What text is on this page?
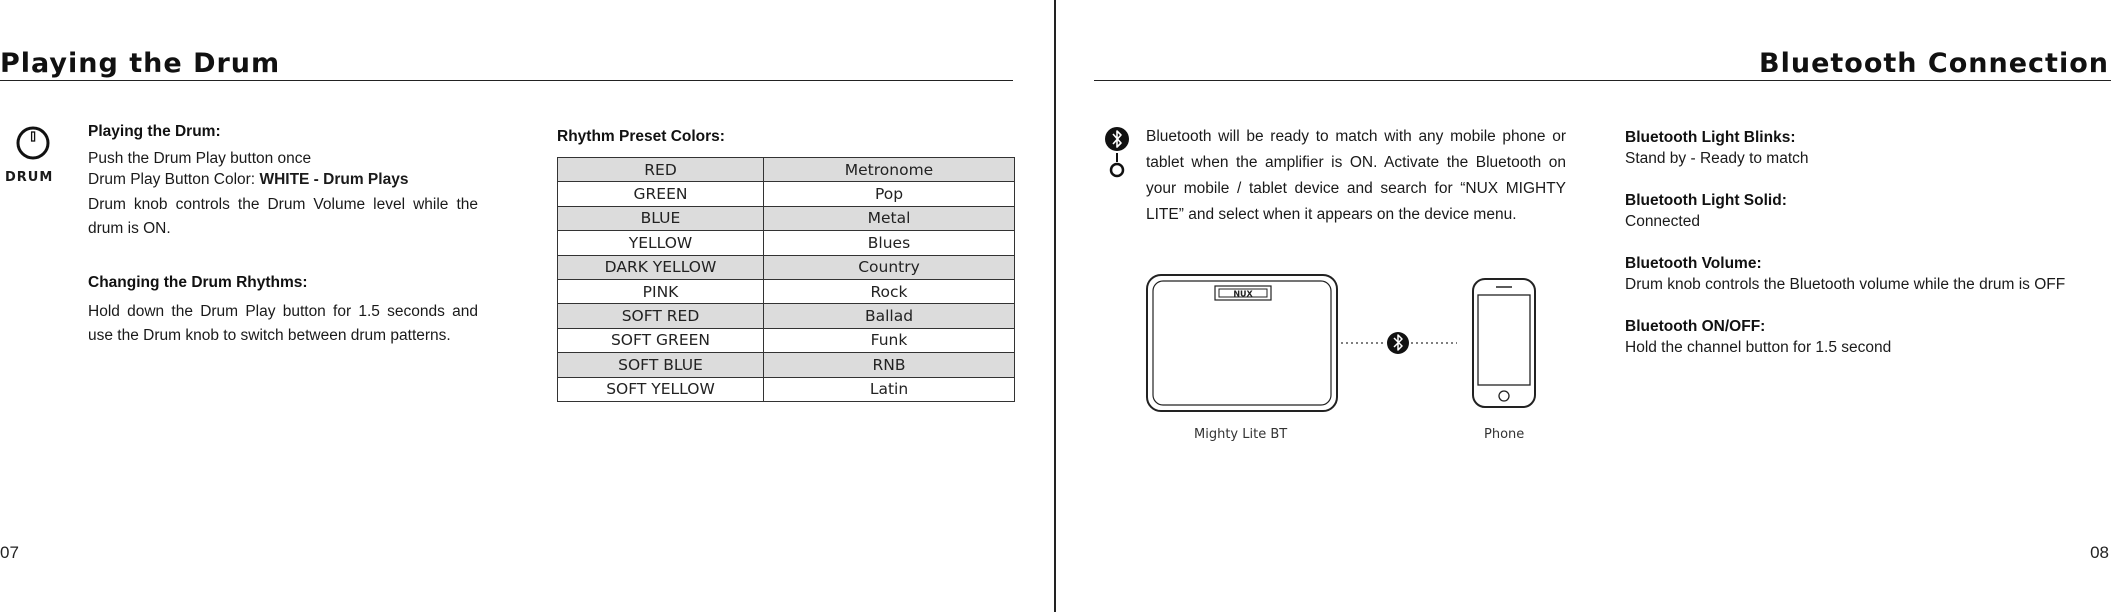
Playing the Drum
DRUM
Playing the Drum:
Push the Drum Play button once
Drum Play Button Color: WHITE - Drum Plays
Drum knob controls the Drum Volume level while the drum is ON.
Changing the Drum Rhythms:
Hold down the Drum Play button for 1.5 seconds and use the Drum knob to switch between drum patterns.
Rhythm Preset Colors:
RED	Metronome
GREEN	Pop
BLUE	Metal
YELLOW	Blues
DARK YELLOW	Country
PINK	Rock
SOFT RED	Ballad
SOFT GREEN	Funk
SOFT BLUE	RNB
SOFT YELLOW	Latin
07
Bluetooth Connection
Bluetooth will be ready to match with any mobile phone or tablet when the amplifier is ON. Activate the Bluetooth on your mobile / tablet device and search for “NUX MIGHTY LITE” and select when it appears on the device menu.
NUX
Mighty Lite BT	Phone
Bluetooth Light Blinks:
Stand by - Ready to match
Bluetooth Light Solid:
Connected
Bluetooth Volume:
Drum knob controls the Bluetooth volume while the drum is OFF
Bluetooth ON/OFF:
Hold the channel button for 1.5 second
08
